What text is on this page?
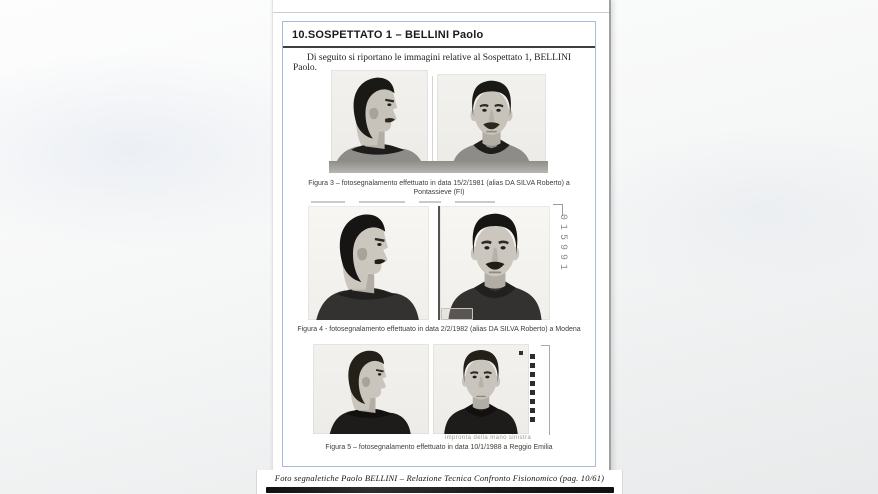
10.SOSPETTATO 1 – BELLINI Paolo

Di seguito si riportano le immagini relative al Sospettato 1, BELLINI Paolo.

Figura 3 – fotosegnalamento effettuato in data 15/2/1981 (alias DA SILVA Roberto) a Pontassieve (FI)

015991

Figura 4 - fotosegnalamento effettuato in data 2/2/1982 (alias DA SILVA Roberto) a Modena

impronta della mano sinistra

Figura 5 – fotosegnalamento effettuato in data 10/1/1988 a Reggio Emilia

Foto segnaletiche Paolo BELLINI – Relazione Tecnica Confronto Fisionomico (pag. 10/61)
